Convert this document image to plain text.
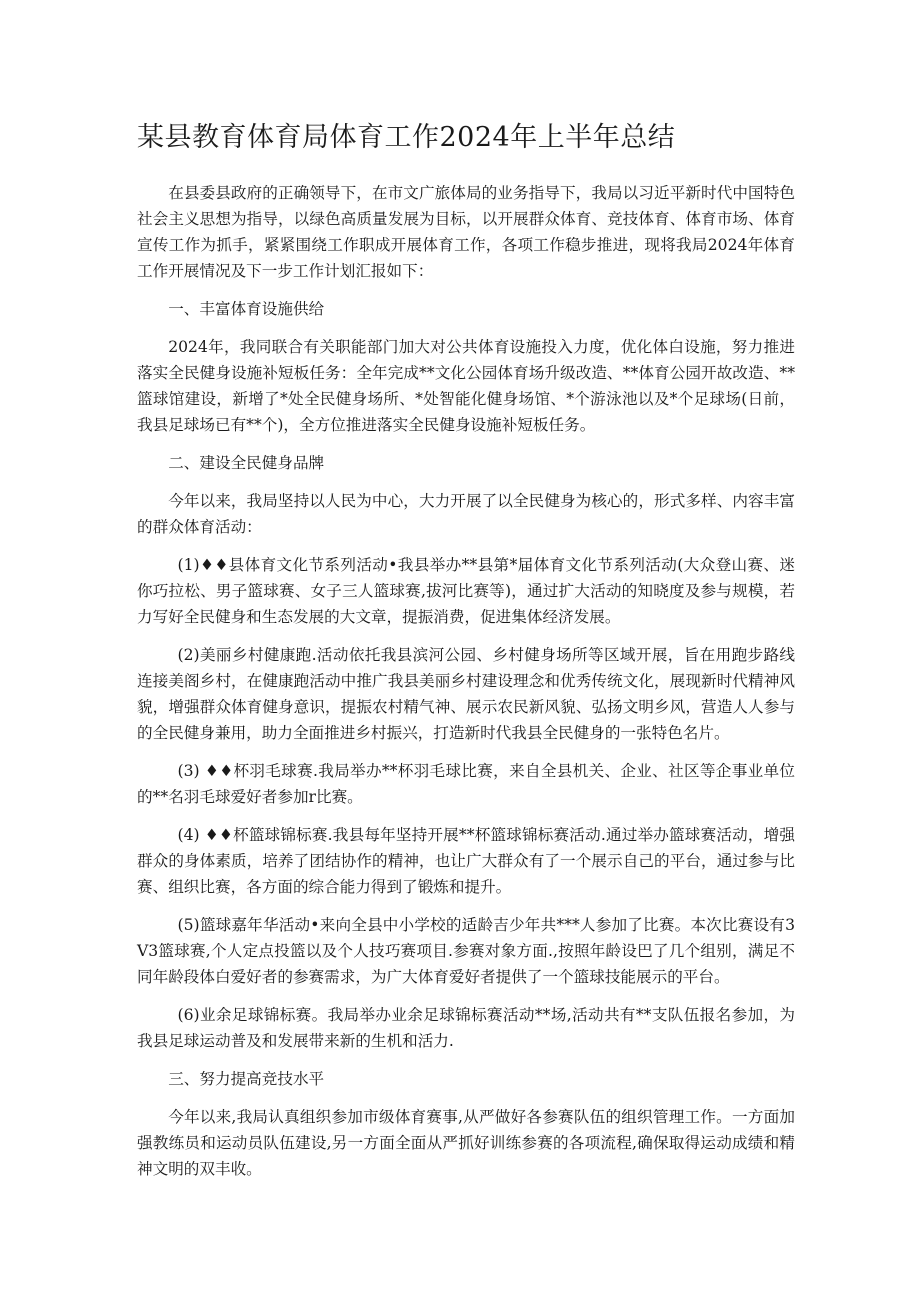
某县教育体育局体育工作2024年上半年总结

在县委县政府的正确领导下，在市文广旅体局的业务指导下，我局以习近平新时代中国特色社会主义思想为指导，以绿色高质量发展为目标，以开展群众体育、竞技体育、体育市场、体育宣传工作为抓手，紧紧围绕工作职成开展体育工作，各项工作稳步推进，现将我局2024年体育工作开展情况及下一步工作计划汇报如下：

一、丰富体育设施供给

2024年，我同联合有关职能部门加大对公共体育设施投入力度，优化体白设施，努力推进落实全民健身设施补短板任务：全年完成**文化公园体育场升级改造、**体育公园开故改造、**篮球馆建设，新增了*处全民健身场所、*处智能化健身场馆、*个游泳池以及*个足球场(日前，我县足球场已有**个)，全方位推进落实全民健身设施补短板任务。

二、建设全民健身品牌

今年以来，我局坚持以人民为中心，大力开展了以全民健身为核心的，形式多样、内容丰富的群众体育活动：

(1)♦♦县体育文化节系列活动•我县举办**县第*届体育文化节系列活动(大众登山赛、迷你巧拉松、男子篮球赛、女子三人篮球赛,拔河比赛等)，通过扩大活动的知晓度及参与规模，若力写好全民健身和生态发展的大文章，提振消费，促进集体经济发展。

(2)美丽乡村健康跑.活动依托我县滨河公园、乡村健身场所等区域开展，旨在用跑步路线连接美阁乡村，在健康跑活动中推广我县美丽乡村建设理念和优秀传统文化，展现新时代精神风貌，增强群众体育健身意识，提振农村精气神、展示农民新风貌、弘扬文明乡风，营造人人参与的全民健身兼用，助力全面推进乡村振兴，打造新时代我县全民健身的一张特色名片。

(3) ♦♦杯羽毛球赛.我局举办**杯羽毛球比赛，来自全县机关、企业、社区等企事业单位的**名羽毛球爱好者参加r比赛。

(4) ♦♦杯篮球锦标赛.我县每年坚持开展**杯篮球锦标赛活动.通过举办篮球赛活动，增强群众的身体素质，培养了团结协作的精神，也让广大群众有了一个展示自己的平台，通过参与比赛、组织比赛，各方面的综合能力得到了锻炼和提升。

(5)篮球嘉年华活动•来向全县中小学校的适龄吉少年共***人参加了比赛。本次比赛设有3V3篮球赛,个人定点投篮以及个人技巧赛项目.参赛对象方面.,按照年龄设巴了几个组别，满足不同年龄段体白爱好者的参赛需求，为广大体育爱好者提供了一个篮球技能展示的平台。

(6)业余足球锦标赛。我局举办业余足球锦标赛活动**场,活动共有**支队伍报名参加，为我县足球运动普及和发展带来新的生机和活力.

三、努力提高竞技水平

今年以来,我局认真组织参加市级体育赛事,从严做好各参赛队伍的组织管理工作。一方面加强教练员和运动员队伍建设,另一方面全面从严抓好训练参赛的各项流程,确保取得运动成绩和精神文明的双丰收。
